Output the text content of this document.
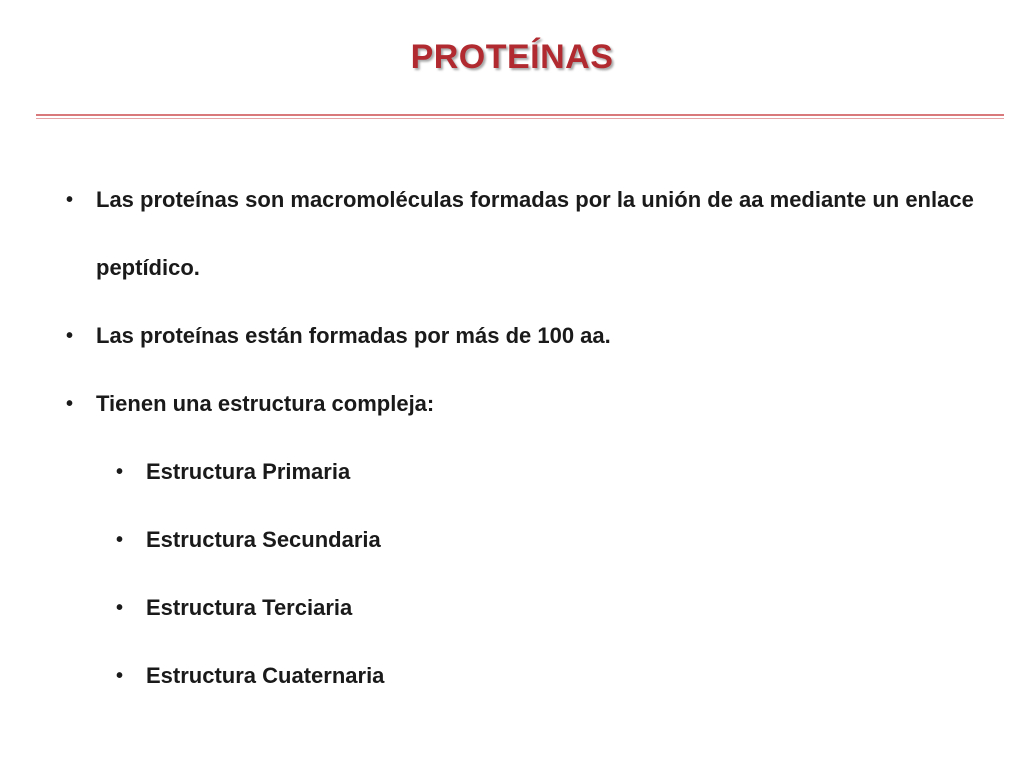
PROTEÍNAS
• Las proteínas son macromoléculas formadas por la unión de aa mediante un enlace peptídico.
• Las proteínas están formadas por más de 100 aa.
• Tienen una estructura compleja:
• Estructura Primaria
• Estructura Secundaria
• Estructura Terciaria
• Estructura Cuaternaria
